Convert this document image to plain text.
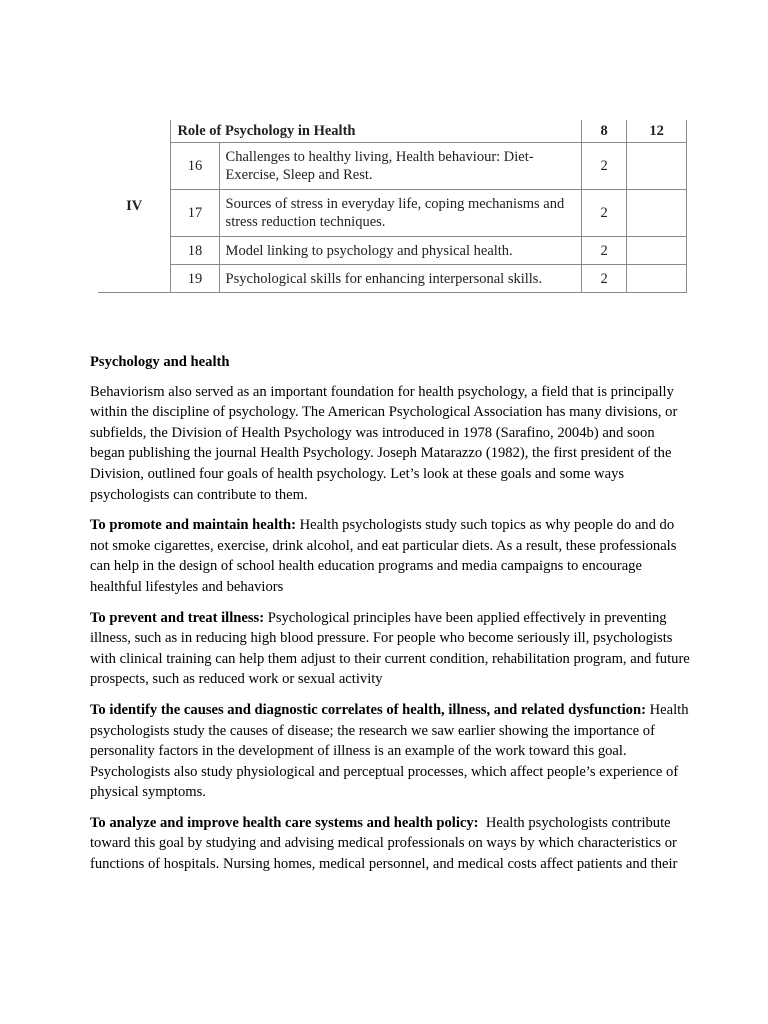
IV	Role of Psychology in Health		8	12
	16	Challenges to healthy living, Health behaviour: Diet-Exercise, Sleep and Rest.	2	
	17	Sources of stress in everyday life, coping mechanisms and stress reduction techniques.	2	
	18	Model linking to psychology and physical health.	2	
	19	Psychological skills for enhancing interpersonal skills.	2	
Psychology and health

Behaviorism also served as an important foundation for health psychology, a field that is principally within the discipline of psychology. The American Psychological Association has many divisions, or subfields, the Division of Health Psychology was introduced in 1978 (Sarafino, 2004b) and soon began publishing the journal Health Psychology. Joseph Matarazzo (1982), the first president of the Division, outlined four goals of health psychology. Let’s look at these goals and some ways psychologists can contribute to them.

To promote and maintain health: Health psychologists study such topics as why people do and do not smoke cigarettes, exercise, drink alcohol, and eat particular diets. As a result, these professionals can help in the design of school health education programs and media campaigns to encourage healthful lifestyles and behaviors

To prevent and treat illness: Psychological principles have been applied effectively in preventing illness, such as in reducing high blood pressure. For people who become seriously ill, psychologists with clinical training can help them adjust to their current condition, rehabilitation program, and future prospects, such as reduced work or sexual activity

To identify the causes and diagnostic correlates of health, illness, and related dysfunction: Health psychologists study the causes of disease; the research we saw earlier showing the importance of personality factors in the development of illness is an example of the work toward this goal. Psychologists also study physiological and perceptual processes, which affect people’s experience of physical symptoms.

To analyze and improve health care systems and health policy:  Health psychologists contribute toward this goal by studying and advising medical professionals on ways by which characteristics or functions of hospitals. Nursing homes, medical personnel, and medical costs affect patients and their
